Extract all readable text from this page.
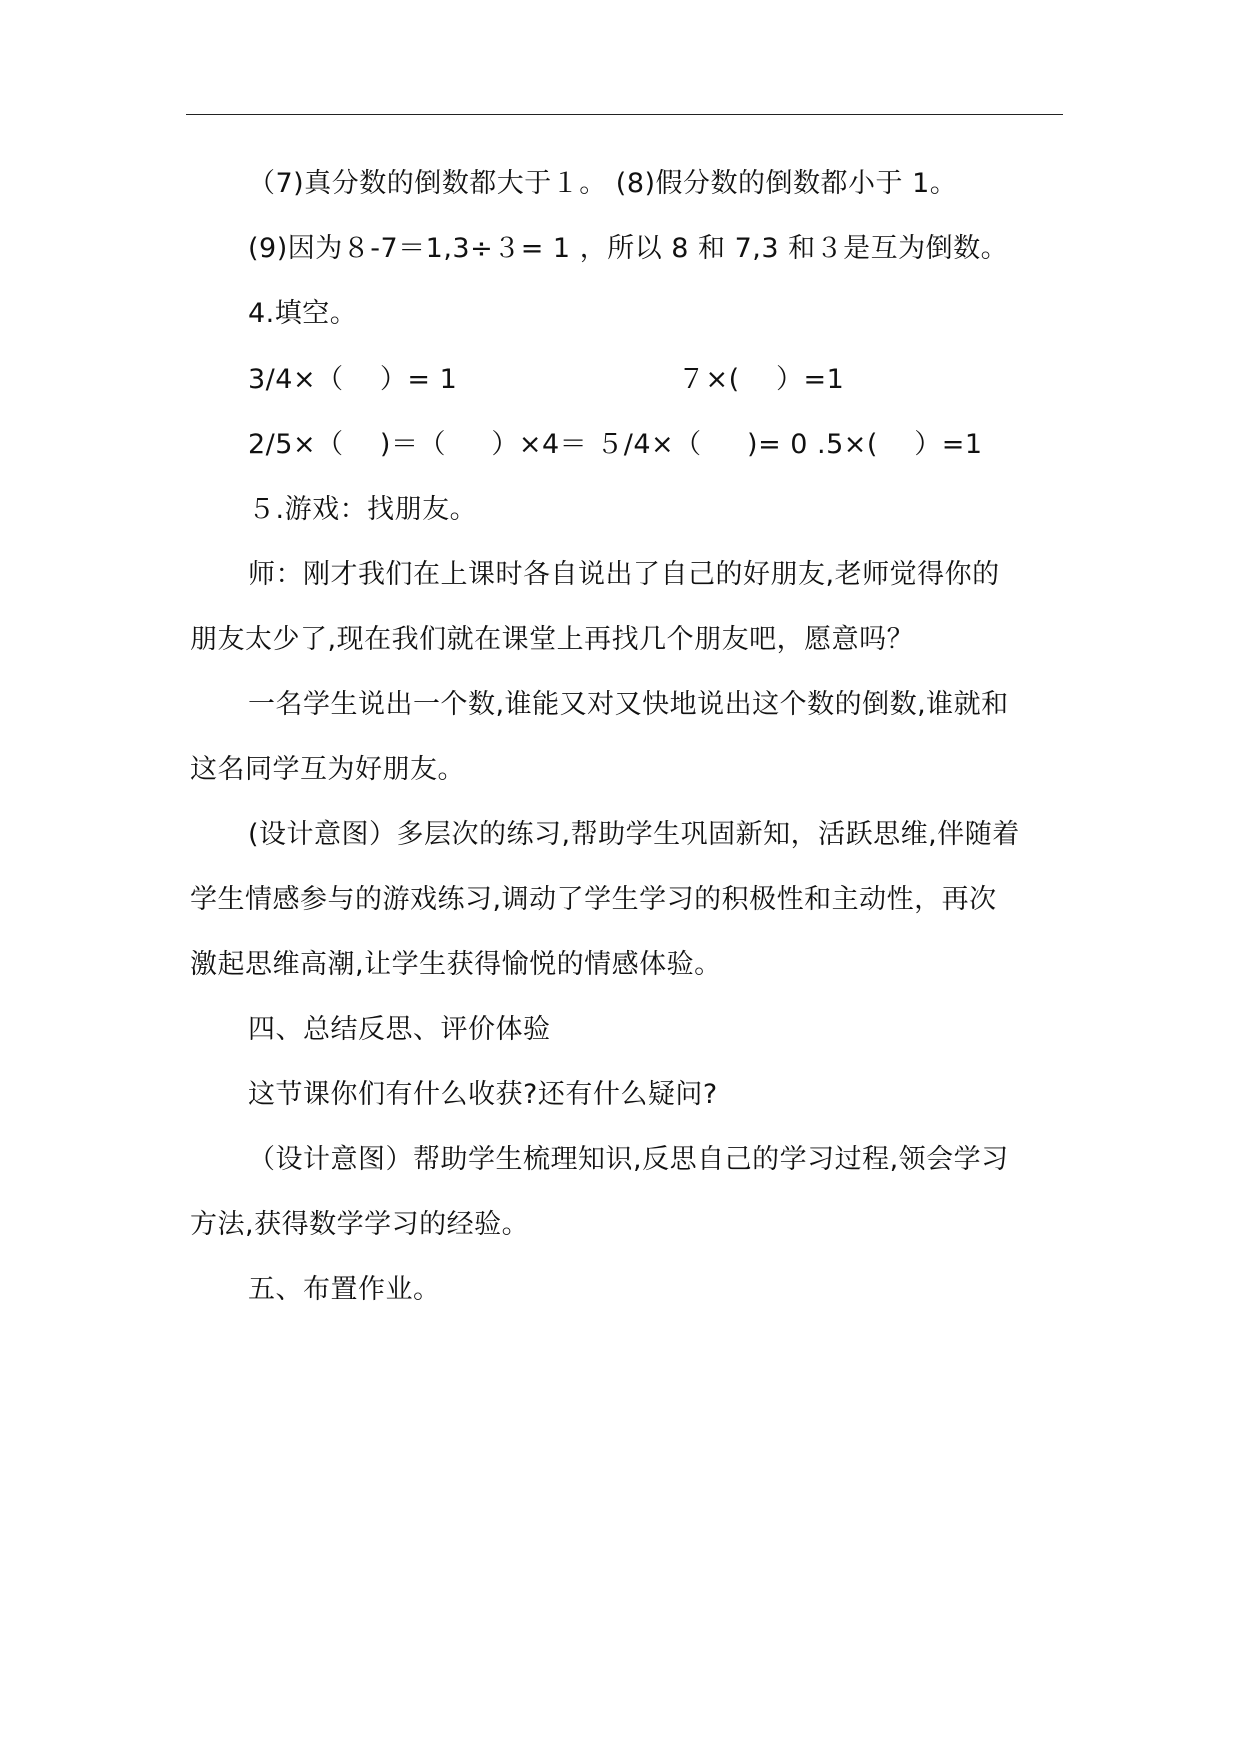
（7)真分数的倒数都大于１。 (8)假分数的倒数都小于 1。
(9)因为８-7＝1,3÷３= 1 ，所以 8 和 7,3 和３是互为倒数。
4.填空。
3/4×（    ）= 1	７×(    ）=1
2/5×（    )＝（     ）×4＝ ５/4×（     )= 0 .5×(    ）=1
５.游戏：找朋友。
师：刚才我们在上课时各自说出了自己的好朋友,老师觉得你的
朋友太少了,现在我们就在课堂上再找几个朋友吧，愿意吗？
一名学生说出一个数,谁能又对又快地说出这个数的倒数,谁就和
这名同学互为好朋友。
(设计意图）多层次的练习,帮助学生巩固新知，活跃思维,伴随着
学生情感参与的游戏练习,调动了学生学习的积极性和主动性，再次
激起思维高潮,让学生获得愉悦的情感体验。
四、总结反思、评价体验
这节课你们有什么收获?还有什么疑问?
（设计意图）帮助学生梳理知识,反思自己的学习过程,领会学习
方法,获得数学学习的经验。
五、布置作业。
